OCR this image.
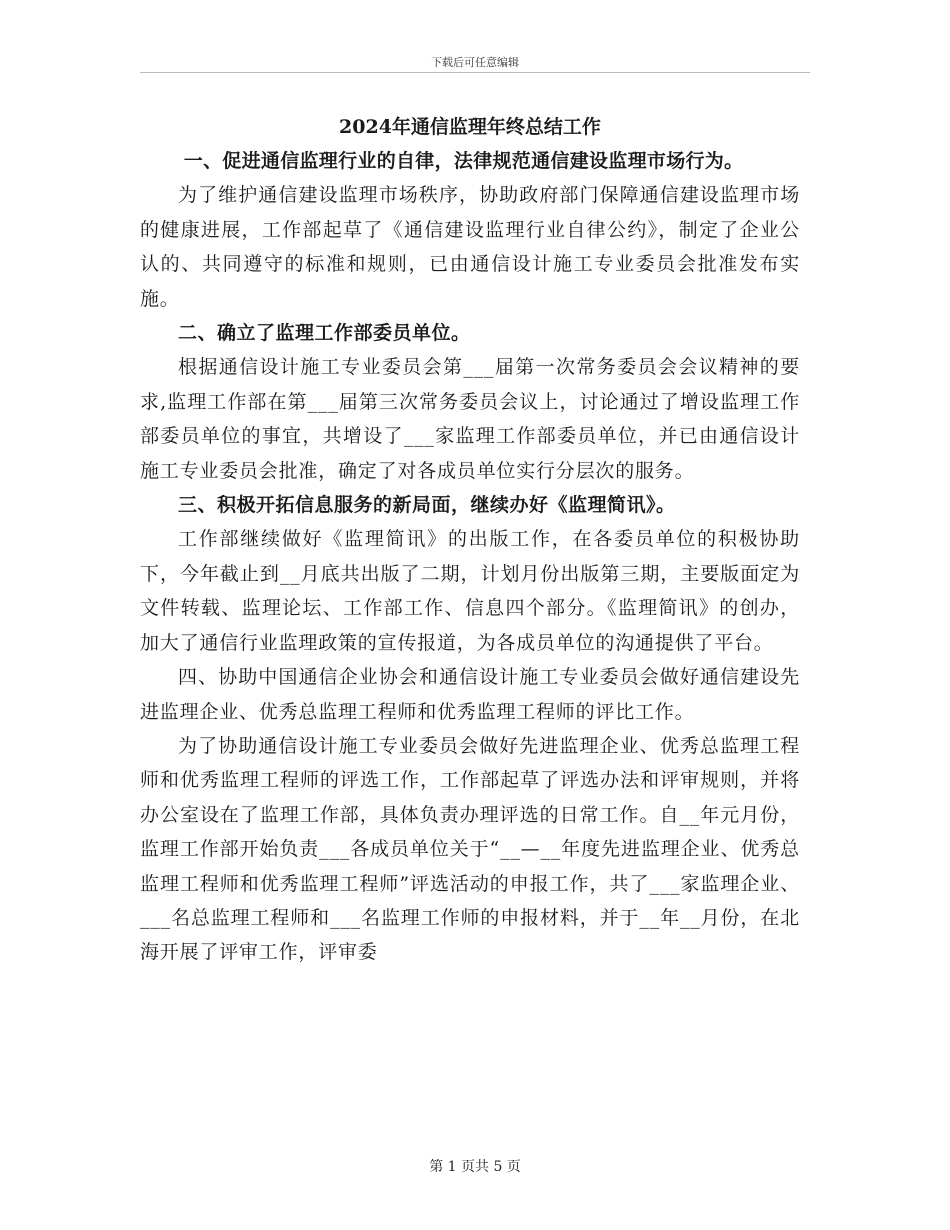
下载后可任意编辑
2024年通信监理年终总结工作
一、促进通信监理行业的自律，法律规范通信建设监理市场行为。

为了维护通信建设监理市场秩序，协助政府部门保障通信建设监理市场的健康进展，工作部起草了《通信建设监理行业自律公约》，制定了企业公认的、共同遵守的标准和规则，已由通信设计施工专业委员会批准发布实施。

二、确立了监理工作部委员单位。

根据通信设计施工专业委员会第___届第一次常务委员会会议精神的要求,监理工作部在第___届第三次常务委员会议上，讨论通过了增设监理工作部委员单位的事宜，共增设了___家监理工作部委员单位，并已由通信设计施工专业委员会批准，确定了对各成员单位实行分层次的服务。

三、积极开拓信息服务的新局面，继续办好《监理简讯》。

工作部继续做好《监理简讯》的出版工作，在各委员单位的积极协助下，今年截止到__月底共出版了二期，计划月份出版第三期，主要版面定为文件转载、监理论坛、工作部工作、信息四个部分。《监理简讯》的创办，加大了通信行业监理政策的宣传报道，为各成员单位的沟通提供了平台。

四、协助中国通信企业协会和通信设计施工专业委员会做好通信建设先进监理企业、优秀总监理工程师和优秀监理工程师的评比工作。

为了协助通信设计施工专业委员会做好先进监理企业、优秀总监理工程师和优秀监理工程师的评选工作，工作部起草了评选办法和评审规则，并将办公室设在了监理工作部，具体负责办理评选的日常工作。自__年元月份，监理工作部开始负责___各成员单位关于“__—__年度先进监理企业、优秀总监理工程师和优秀监理工程师”评选活动的申报工作，共了___家监理企业、___名总监理工程师和___名监理工作师的申报材料，并于__年__月份，在北海开展了评审工作，评审委

第 1 页共 5 页
